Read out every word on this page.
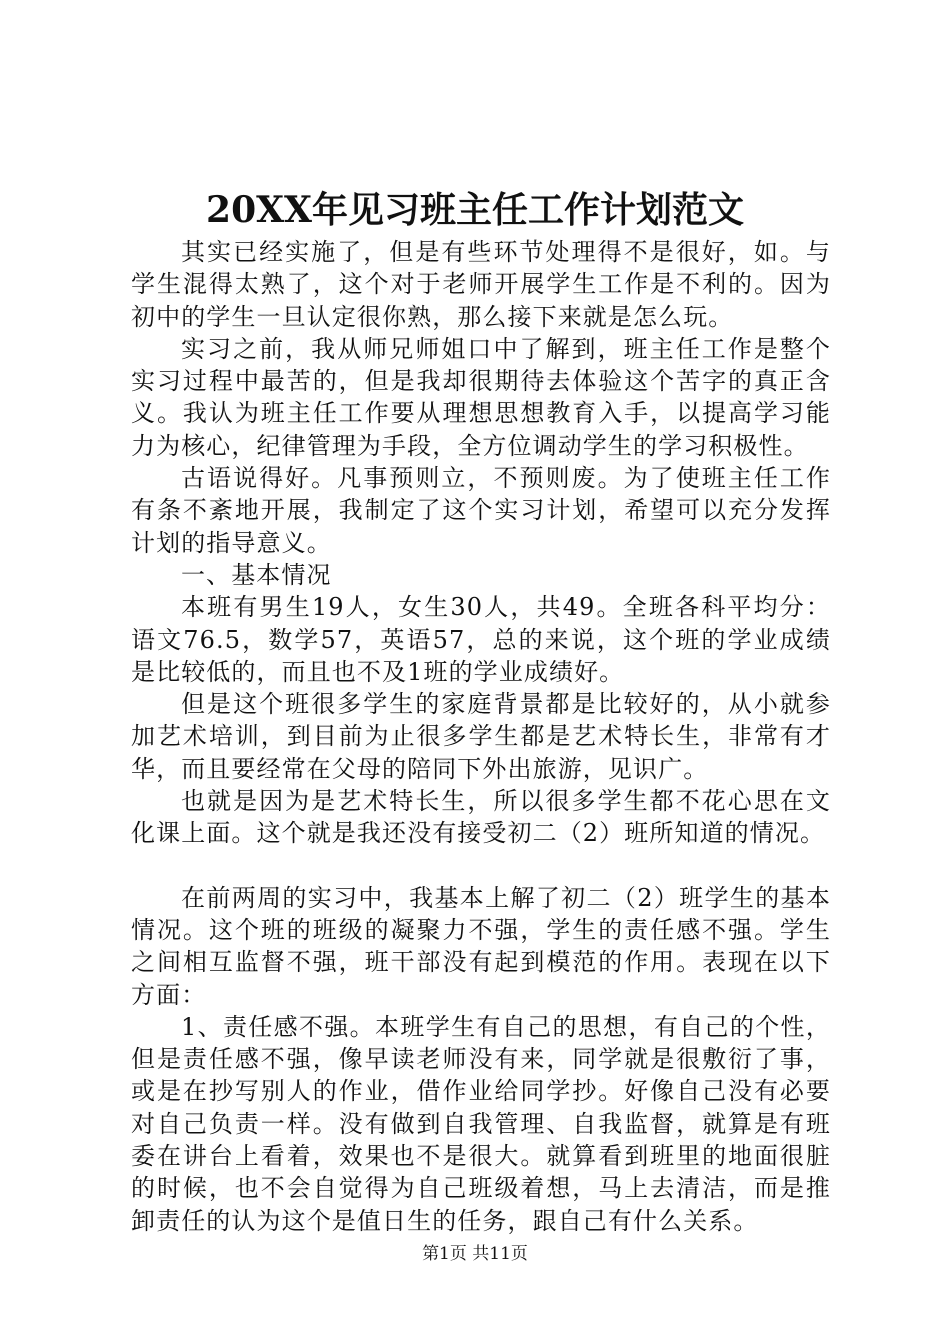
20XX年见习班主任工作计划范文

其实已经实施了，但是有些环节处理得不是很好，如。与学生混得太熟了，这个对于老师开展学生工作是不利的。因为初中的学生一旦认定很你熟，那么接下来就是怎么玩。

实习之前，我从师兄师姐口中了解到，班主任工作是整个实习过程中最苦的，但是我却很期待去体验这个苦字的真正含义。我认为班主任工作要从理想思想教育入手，以提高学习能力为核心，纪律管理为手段，全方位调动学生的学习积极性。

古语说得好。凡事预则立，不预则废。为了使班主任工作有条不紊地开展，我制定了这个实习计划，希望可以充分发挥计划的指导意义。

一、基本情况

本班有男生19人，女生30人，共49。全班各科平均分：语文76.5，数学57，英语57，总的来说，这个班的学业成绩是比较低的，而且也不及1班的学业成绩好。

但是这个班很多学生的家庭背景都是比较好的，从小就参加艺术培训，到目前为止很多学生都是艺术特长生，非常有才华，而且要经常在父母的陪同下外出旅游，见识广。

也就是因为是艺术特长生，所以很多学生都不花心思在文化课上面。这个就是我还没有接受初二（2）班所知道的情况。

在前两周的实习中，我基本上解了初二（2）班学生的基本情况。这个班的班级的凝聚力不强，学生的责任感不强。学生之间相互监督不强，班干部没有起到模范的作用。表现在以下方面：

1、责任感不强。本班学生有自己的思想，有自己的个性，但是责任感不强，像早读老师没有来，同学就是很敷衍了事，或是在抄写别人的作业，借作业给同学抄。好像自己没有必要对自己负责一样。没有做到自我管理、自我监督，就算是有班委在讲台上看着，效果也不是很大。就算看到班里的地面很脏的时候，也不会自觉得为自己班级着想，马上去清洁，而是推卸责任的认为这个是值日生的任务，跟自己有什么关系。

第1页 共11页
